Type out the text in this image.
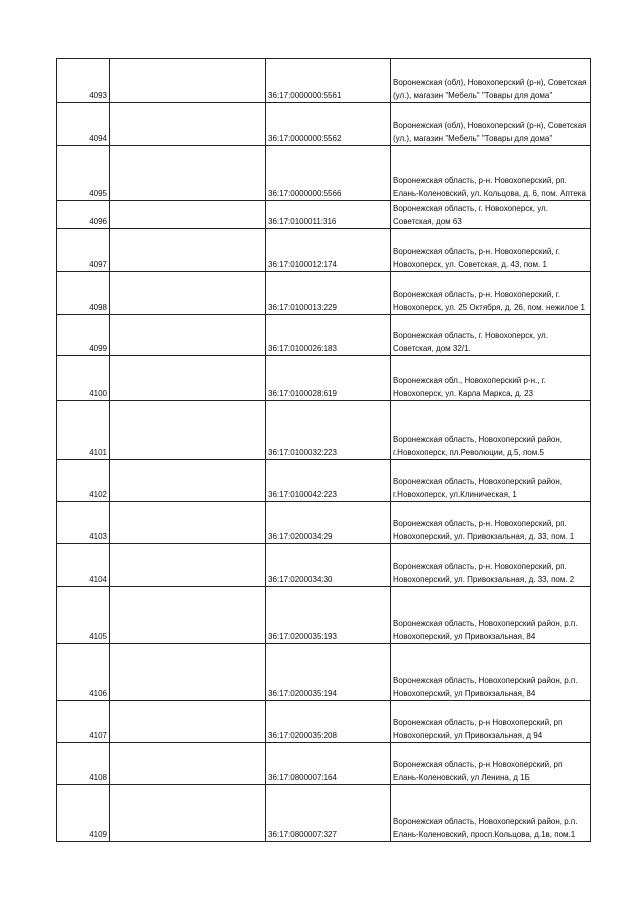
4093		36:17:0000000:5561	Воронежская (обл), Новохоперский (р-н), Советская (ул.), магазин "Мебель" "Товары для дома"
4094		36:17:0000000:5562	Воронежская (обл), Новохоперский (р-н), Советская (ул.), магазин "Мебель" "Товары для дома"
4095		36:17:0000000:5566	Воронежская область, р-н. Новохоперский, рп. Елань-Коленовский, ул. Кольцова, д. 6, пом. Аптека
4096		36:17:0100011:316	Воронежская область, г. Новохоперск, ул. Советская, дом 63
4097		36:17:0100012:174	Воронежская область, р-н. Новохоперский, г. Новохоперск, ул. Советская, д. 43, пом. 1
4098		36:17:0100013:229	Воронежская область, р-н. Новохоперский, г. Новохоперск, ул. 25 Октября, д. 26, пом. нежилое 1
4099		36:17:0100026:183	Воронежская область, г. Новохоперск, ул. Советская, дом 32/1.
4100		36:17:0100028:619	Воронежская обл., Новохоперский р-н., г. Новохоперск, ул. Карла Маркса, д. 23
4101		36:17:0100032:223	Воронежская область, Новохоперский район, г.Новохоперск, пл.Революции, д.5, пом.5
4102		36:17:0100042:223	Воронежская область, Новохоперский район, г.Новохоперск, ул.Клиническая, 1
4103		36:17:0200034:29	Воронежская область, р-н. Новохоперский, рп. Новохоперский, ул. Привокзальная, д. 33, пом. 1
4104		36:17:0200034:30	Воронежская область, р-н. Новохоперский, рп. Новохоперский, ул. Привокзальная, д. 33, пом. 2
4105		36:17:0200035:193	Воронежская область, Новохоперский район, р.п. Новохоперский, ул Привокзальная, 84
4106		36:17:0200035:194	Воронежская область, Новохоперский район, р.п. Новохоперский, ул Привокзальная, 84
4107		36:17:0200035:208	Воронежская область, р-н Новохоперский, рп Новохоперский, ул Привокзальная, д 94
4108		36:17:0800007:164	Воронежская область, р-н Новохоперский, рп Елань-Коленовский, ул Ленина, д 1Б
4109		36:17:0800007:327	Воронежская область, Новохоперский район, р.п. Елань-Коленовский, просп.Кольцова, д.1в, пом.1
